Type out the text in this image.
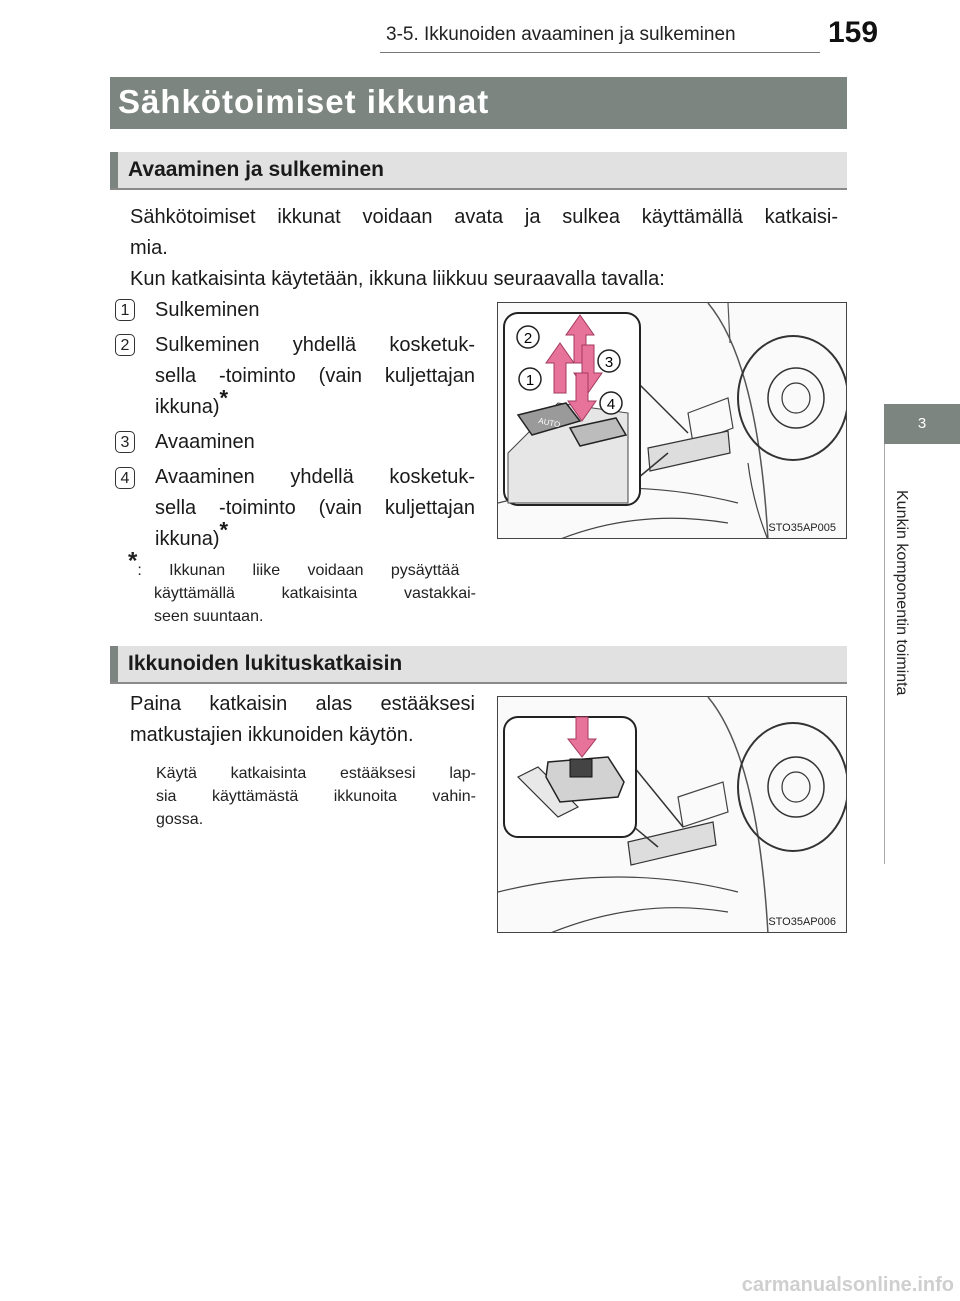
3-5. Ikkunoiden avaaminen ja sulkeminen	159
Sähkötoimiset ikkunat
Avaaminen ja sulkeminen
Sähkötoimiset ikkunat voidaan avata ja sulkea käyttämällä katkaisi-
mia.
Kun katkaisinta käytetään, ikkuna liikkuu seuraavalla tavalla:
1 Sulkeminen
2 Sulkeminen yhdellä kosketuk-
sella -toiminto (vain kuljettajan
ikkuna)*
3 Avaaminen
4 Avaaminen yhdellä kosketuk-
sella -toiminto (vain kuljettajan
ikkuna)*
*: Ikkunan liike voidaan pysäyttää
käyttämällä katkaisinta vastakkai-
seen suuntaan.
AUTO
2
1
3
4
STO35AP005
Ikkunoiden lukituskatkaisin
Paina katkaisin alas estääksesi
matkustajien ikkunoiden käytön.
Käytä katkaisinta estääksesi lap-
sia käyttämästä ikkunoita vahin-
gossa.
STO35AP006
3
Kunkin komponentin toiminta
carmanualsonline.info
